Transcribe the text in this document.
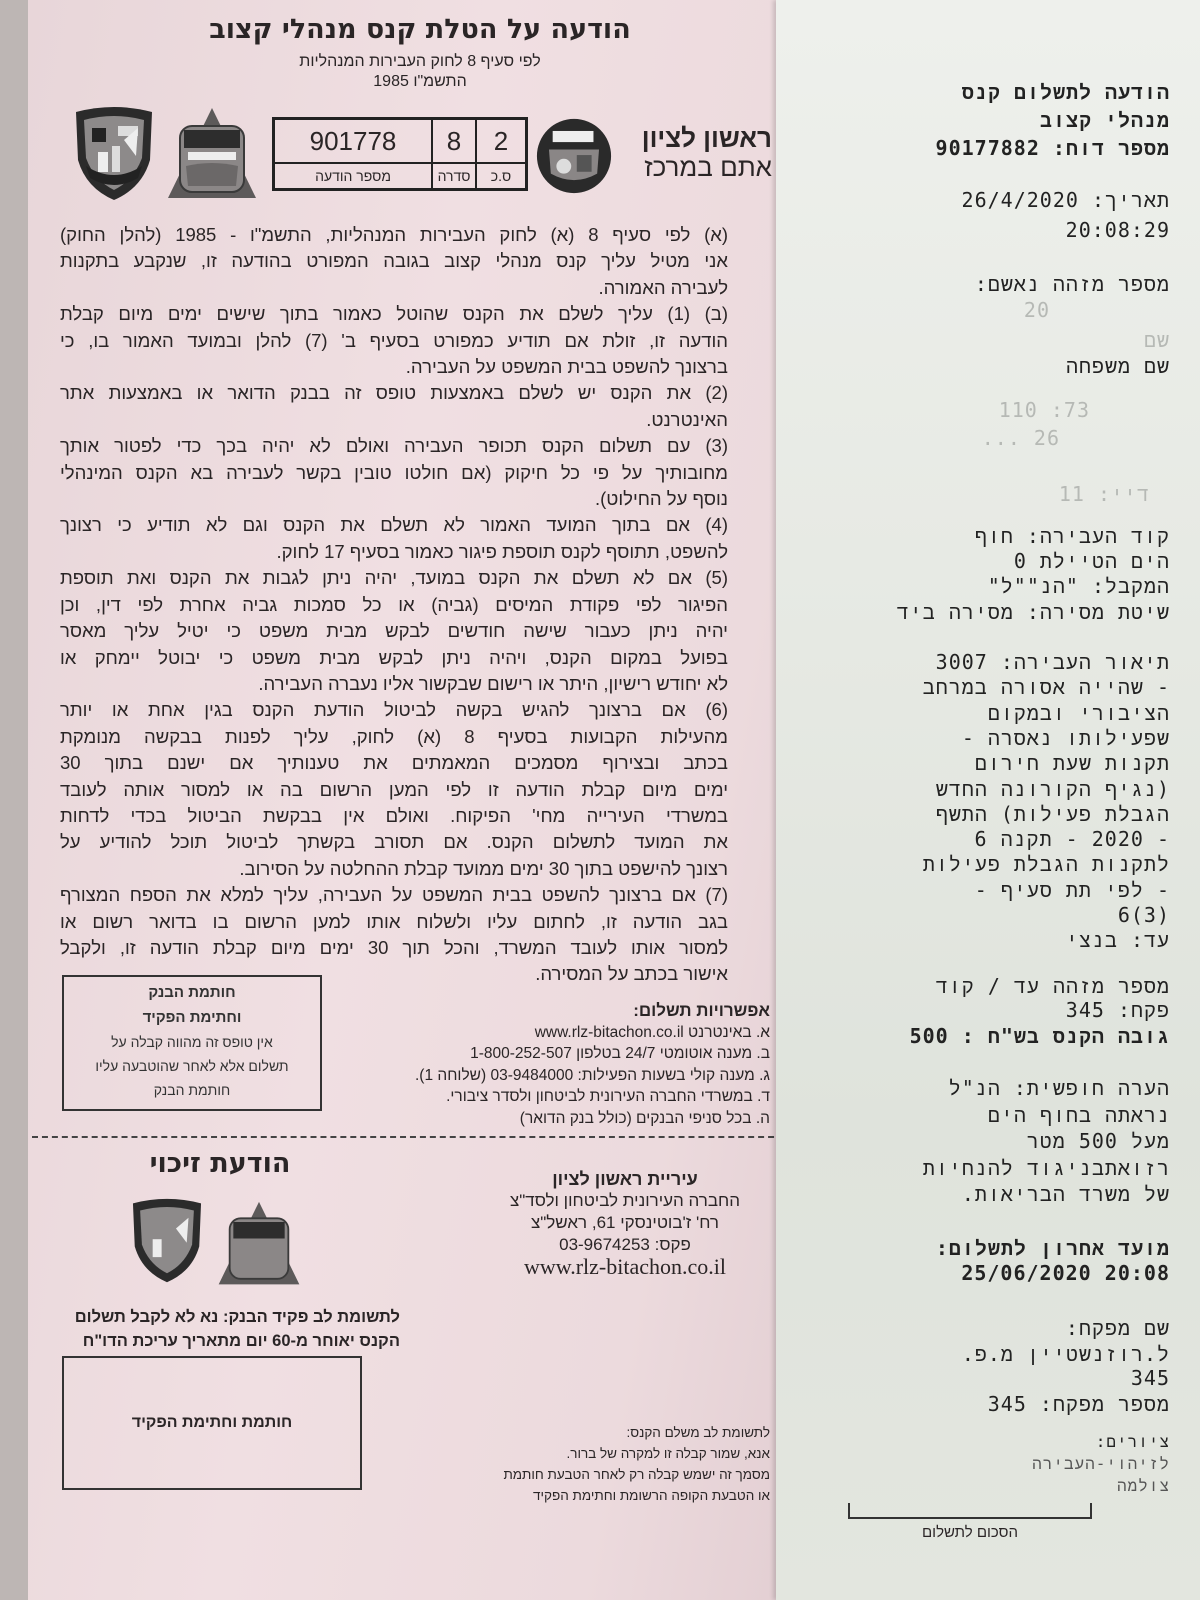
הודעה על הטלת קנס מנהלי קצוב
לפי סעיף 8 לחוק העבירות המנהליות
התשמ"ו 1985
901778	8	2
מספר הודעה	סדרה	ס.כ
ראשון לציון
אתם במרכז
(א) לפי סעיף 8 (א) לחוק העבירות המנהליות, התשמ"ו - 1985 (להלן החוק)
אני מטיל עליך קנס מנהלי קצוב בגובה המפורט בהודעה זו, שנקבע בתקנות
לעבירה האמורה.
(ב) (1) עליך לשלם את הקנס שהוטל כאמור בתוך שישים ימים מיום קבלת
הודעה זו, זולת אם תודיע כמפורט בסעיף ב' (7) להלן ובמועד האמור בו, כי
ברצונך להשפט בבית המשפט על העבירה.
(2) את הקנס יש לשלם באמצעות טופס זה בבנק הדואר או באמצעות אתר
האינטרנט.
(3) עם תשלום הקנס תכופר העבירה ואולם לא יהיה בכך כדי לפטור אותך
מחובותיך על פי כל חיקוק (אם חולטו טובין בקשר לעבירה בא הקנס המינהלי
נוסף על החילוט).
(4) אם בתוך המועד האמור לא תשלם את הקנס וגם לא תודיע כי רצונך
להשפט, תתוסף לקנס תוספת פיגור כאמור בסעיף 17 לחוק.
(5) אם לא תשלם את הקנס במועד, יהיה ניתן לגבות את הקנס ואת תוספת
הפיגור לפי פקודת המיסים (גביה) או כל סמכות גביה אחרת לפי דין, וכן
יהיה ניתן כעבור שישה חודשים לבקש מבית משפט כי יטיל עליך מאסר
בפועל במקום הקנס, ויהיה ניתן לבקש מבית משפט כי יבוטל יימחק או
לא יחודש רישיון, היתר או רישום שבקשור אליו נעברה העבירה.
(6) אם ברצונך להגיש בקשה לביטול הודעת הקנס בגין אחת או יותר
מהעילות הקבועות בסעיף 8 (א) לחוק, עליך לפנות בבקשה מנומקת
בכתב ובצירוף מסמכים המאמתים את טענותיך אם ישנם בתוך 30
ימים מיום קבלת הודעה זו לפי המען הרשום בה או למסור אותה לעובד
במשרדי העירייה מחי' הפיקוח. ואולם אין בבקשת הביטול בכדי לדחות
את המועד לתשלום הקנס. אם תסורב בקשתך לביטול תוכל להודיע על
רצונך להישפט בתוך 30 ימים ממועד קבלת ההחלטה על הסירוב.
(7) אם ברצונך להשפט בבית המשפט על העבירה, עליך למלא את הספח המצורף
בגב הודעה זו, לחתום עליו ולשלוח אותו למען הרשום בו בדואר רשום או
למסור אותו לעובד המשרד, והכל תוך 30 ימים מיום קבלת הודעה זו, ולקבל
אישור בכתב על המסירה.
חותמת הבנק
וחתימת הפקיד
אין טופס זה מהווה קבלה על
תשלום אלא לאחר שהוטבעה עליו
חותמת הבנק
אפשרויות תשלום:
א. באינטרנט www.rlz-bitachon.co.il
ב. מענה אוטומטי 24/7 בטלפון 1-800-252-507
ג. מענה קולי בשעות הפעילות: 03-9484000 (שלוחה 1).
ד. במשרדי החברה העירונית לביטחון ולסדר ציבורי.
ה. בכל סניפי הבנקים (כולל בנק הדואר)
הודעת זיכוי
לתשומת לב פקיד הבנק: נא לא לקבל תשלום
הקנס יאוחר מ-60 יום מתאריך עריכת הדו"ח
חותמת וחתימת הפקיד
עיריית ראשון לציון
החברה העירונית לביטחון ולסד"צ
רח' ז'בוטינסקי 61, ראשל"צ
פקס: 03-9674253
www.rlz-bitachon.co.il
לתשומת לב משלם הקנס:
אנא, שמור קבלה זו למקרה של ברור.
מסמך זה ישמש קבלה רק לאחר הטבעת חותמת
או הטבעת הקופה הרשומת וחתימת הפקיד
הודעה לתשלום קנס
מנהלי קצוב
מספר דוח: 90177882
תאריך: 26/4/2020
20:08:29
מספר מזהה נאשם:
20
שם
שם משפחה
73: 110
26 ...
דיי: 11
קוד העבירה: חוף
הים הטיילת 0
המקבל: "הנ""ל"
שיטת מסירה: מסירה ביד
תיאור העבירה: 3007
- שהייה אסורה במרחב
הציבורי ובמקום
שפעילותו נאסרה -
תקנות שעת חירום
(נגיף הקורונה החדש
הגבלת פעילות) התשף
- 2020 - תקנה 6
לתקנות הגבלת פעילות
- לפי תת סעיף -
(3)6
עד: בנצי
מספר מזהה עד / קוד
פקח: 345
גובה הקנס בש"ח : 500
הערה חופשית: הנ"ל
נראתה בחוף הים
מעל 500 מטר
רזואתבניגוד להנחיות
של משרד הבריאות.
מועד אחרון לתשלום:
20:08 25/06/2020
שם מפקח:
ל.רוזנשטיין מ.פ.
345
מספר מפקח: 345
ציורים:
לזיהוי-העבירה
צולמה
הסכום לתשלום
